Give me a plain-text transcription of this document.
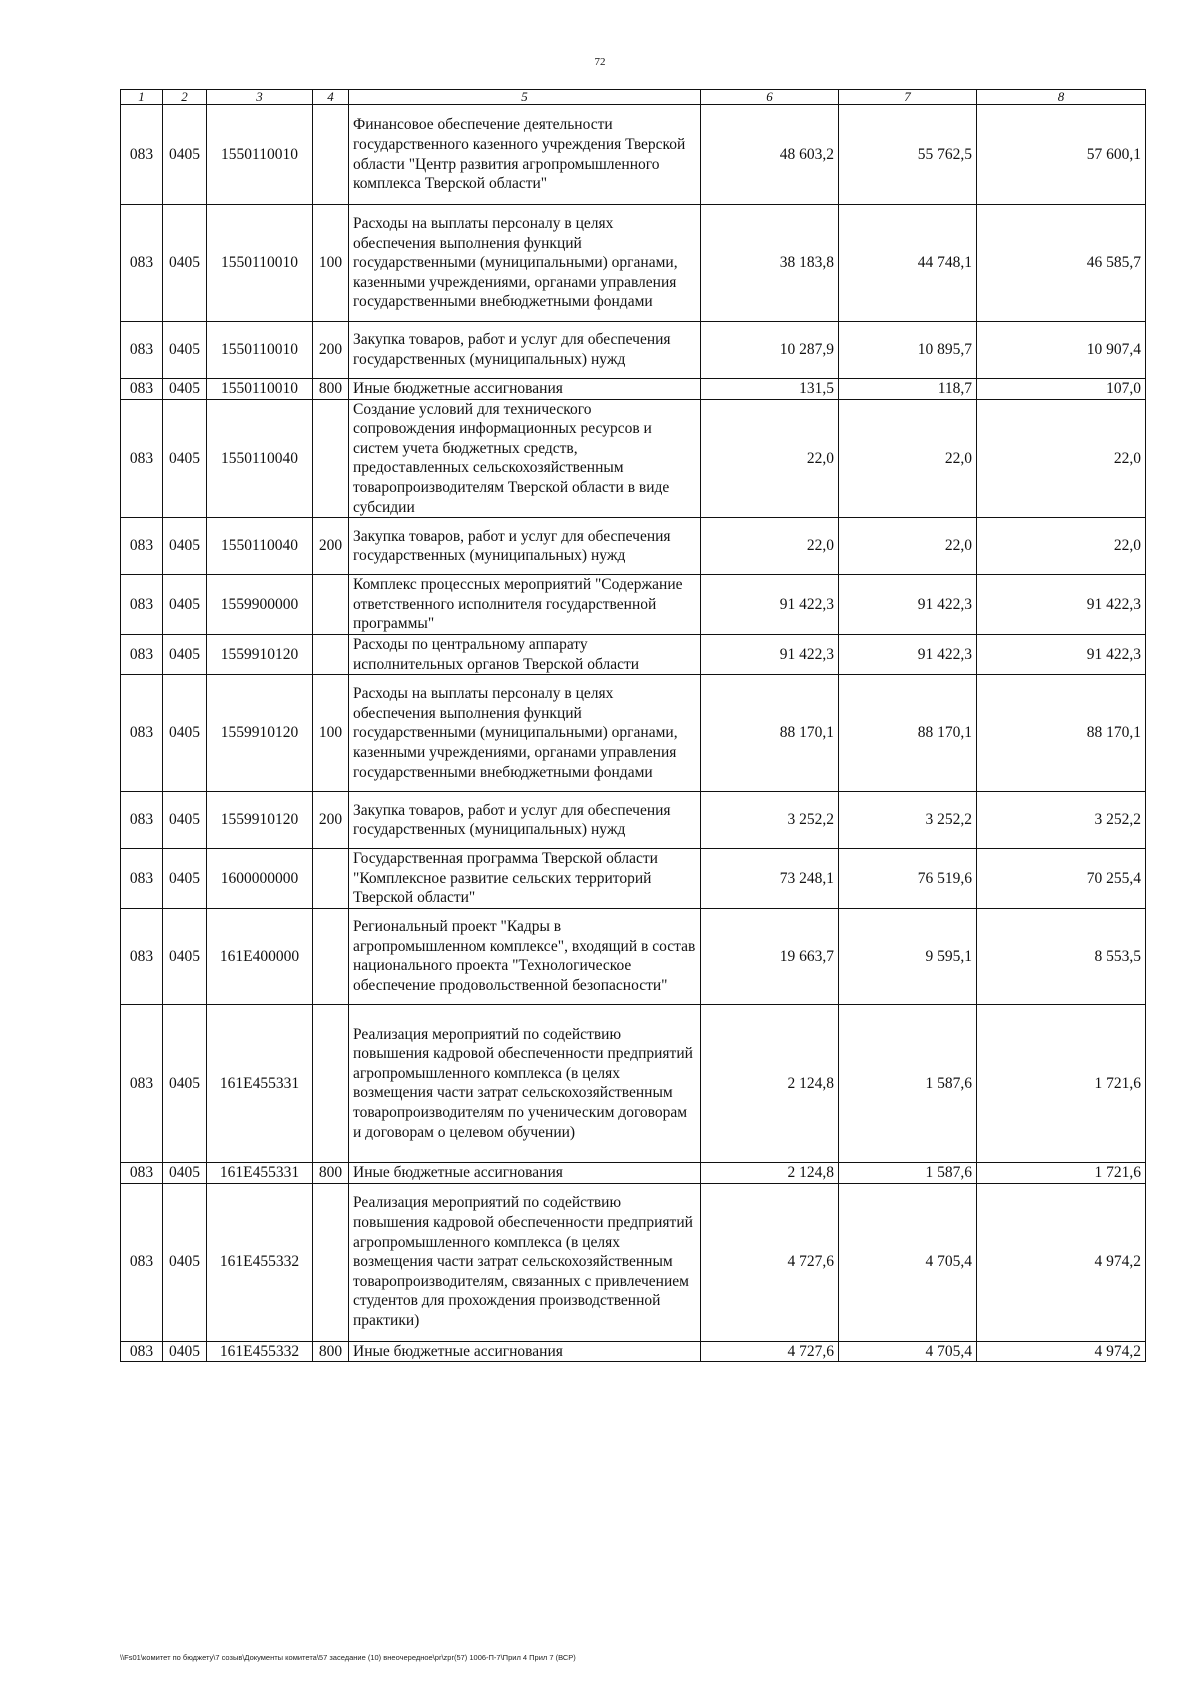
72
1	2	3	4	5	6	7	8
083	0405	1550110010		Финансовое обеспечение деятельности государственного казенного учреждения Тверской области "Центр развития агропромышленного комплекса Тверской области"	48 603,2	55 762,5	57 600,1
083	0405	1550110010	100	Расходы на выплаты персоналу в целях обеспечения выполнения функций государственными (муниципальными) органами, казенными учреждениями, органами управления государственными внебюджетными фондами	38 183,8	44 748,1	46 585,7
083	0405	1550110010	200	Закупка товаров, работ и услуг для обеспечения государственных (муниципальных) нужд	10 287,9	10 895,7	10 907,4
083	0405	1550110010	800	Иные бюджетные ассигнования	131,5	118,7	107,0
083	0405	1550110040		Создание условий для технического сопровождения информационных ресурсов и систем учета бюджетных средств, предоставленных сельскохозяйственным товаропроизводителям Тверской области в виде субсидии	22,0	22,0	22,0
083	0405	1550110040	200	Закупка товаров, работ и услуг для обеспечения государственных (муниципальных) нужд	22,0	22,0	22,0
083	0405	1559900000		Комплекс процессных мероприятий "Содержание ответственного исполнителя государственной программы"	91 422,3	91 422,3	91 422,3
083	0405	1559910120		Расходы по центральному аппарату исполнительных органов Тверской области	91 422,3	91 422,3	91 422,3
083	0405	1559910120	100	Расходы на выплаты персоналу в целях обеспечения выполнения функций государственными (муниципальными) органами, казенными учреждениями, органами управления государственными внебюджетными фондами	88 170,1	88 170,1	88 170,1
083	0405	1559910120	200	Закупка товаров, работ и услуг для обеспечения государственных (муниципальных) нужд	3 252,2	3 252,2	3 252,2
083	0405	1600000000		Государственная программа Тверской области "Комплексное развитие сельских территорий Тверской области"	73 248,1	76 519,6	70 255,4
083	0405	161E400000		Региональный проект "Кадры в агропромышленном комплексе", входящий в состав национального проекта "Технологическое обеспечение продовольственной безопасности"	19 663,7	9 595,1	8 553,5
083	0405	161E455331		Реализация мероприятий по содействию повышения кадровой обеспеченности предприятий агропромышленного комплекса (в целях возмещения части затрат сельскохозяйственным товаропроизводителям по ученическим договорам и договорам о целевом обучении)	2 124,8	1 587,6	1 721,6
083	0405	161E455331	800	Иные бюджетные ассигнования	2 124,8	1 587,6	1 721,6
083	0405	161E455332		Реализация мероприятий по содействию повышения кадровой обеспеченности предприятий агропромышленного комплекса (в целях возмещения части затрат сельскохозяйственным товаропроизводителям, связанных с привлечением студентов для прохождения производственной практики)	4 727,6	4 705,4	4 974,2
083	0405	161E455332	800	Иные бюджетные ассигнования	4 727,6	4 705,4	4 974,2
\\Fs01\комитет по бюджету\7 созыв\Документы комитета\57 заседание (10) внеочередное\pr\zpr(57) 1006-П-7\Прил 4 Прил 7 (ВСР)
